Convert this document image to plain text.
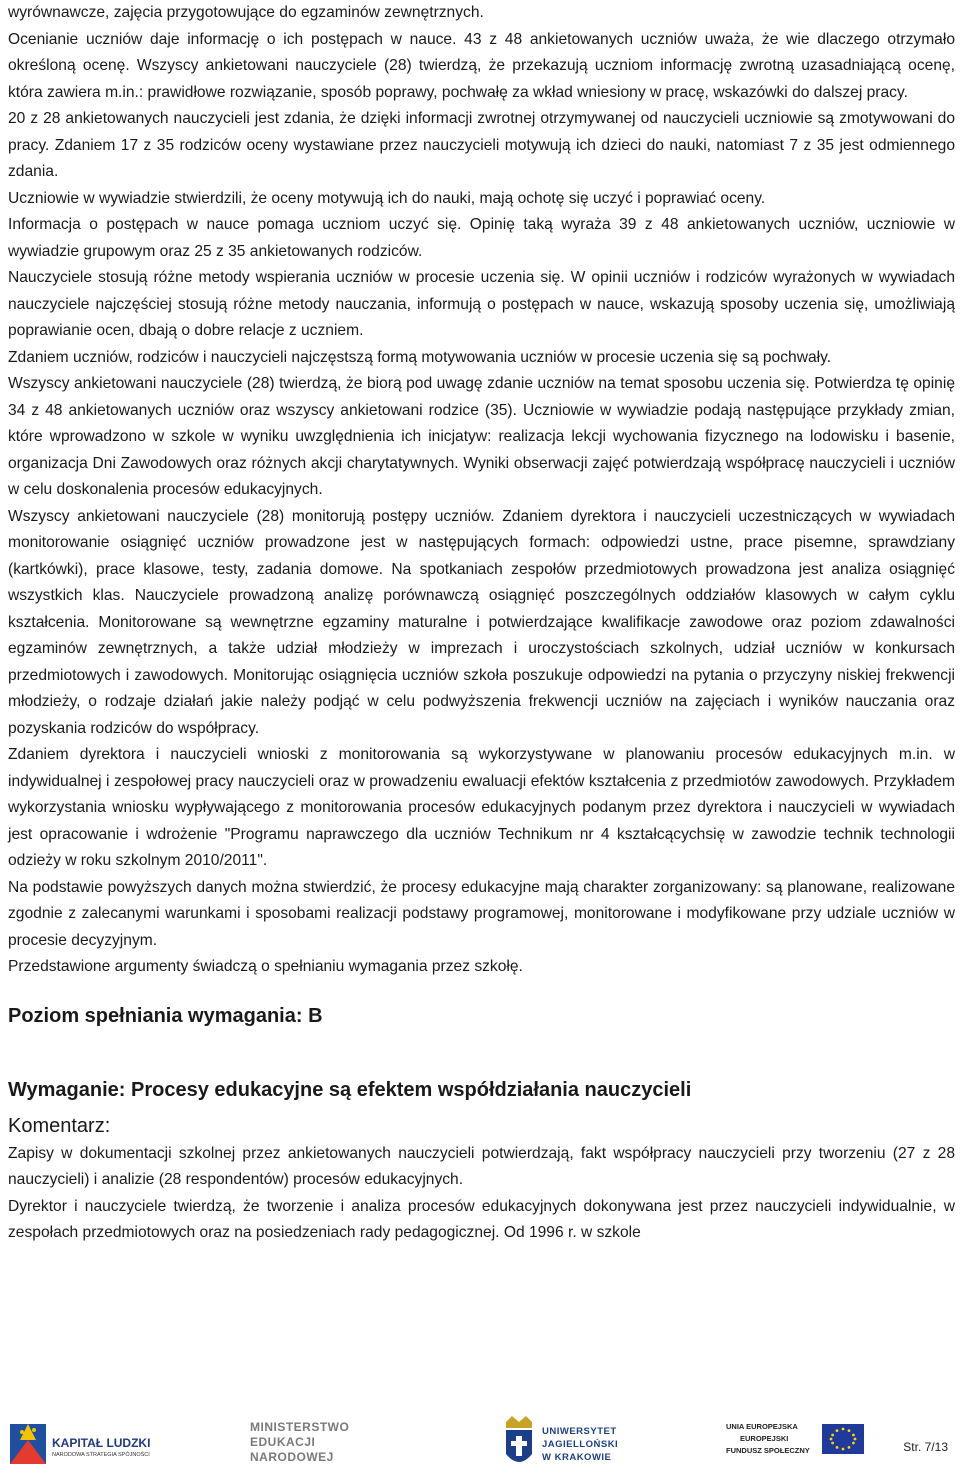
wyrównawcze, zajęcia przygotowujące do egzaminów zewnętrznych.

Ocenianie uczniów daje informację o ich postępach w nauce. 43 z 48 ankietowanych uczniów uważa, że wie dlaczego otrzymało określoną ocenę. Wszyscy ankietowani nauczyciele (28) twierdzą, że przekazują uczniom informację zwrotną uzasadniającą ocenę, która zawiera m.in.: prawidłowe rozwiązanie, sposób poprawy, pochwałę za wkład wniesiony w pracę, wskazówki do dalszej pracy.

20 z 28 ankietowanych nauczycieli jest zdania, że dzięki informacji zwrotnej otrzymywanej od nauczycieli uczniowie są zmotywowani do pracy. Zdaniem 17 z 35 rodziców oceny wystawiane przez nauczycieli motywują ich dzieci do nauki, natomiast 7 z 35 jest odmiennego zdania.

Uczniowie w wywiadzie stwierdzili, że oceny motywują ich do nauki, mają ochotę się uczyć i poprawiać oceny.

Informacja o postępach w nauce pomaga uczniom uczyć się. Opinię taką wyraża 39 z 48 ankietowanych uczniów, uczniowie w wywiadzie grupowym oraz 25 z 35 ankietowanych rodziców.

Nauczyciele stosują różne metody wspierania uczniów w procesie uczenia się. W opinii uczniów i rodziców wyrażonych w wywiadach nauczyciele najczęściej stosują różne metody nauczania, informują o postępach w nauce, wskazują sposoby uczenia się, umożliwiają poprawianie ocen, dbają o dobre relacje z uczniem.

Zdaniem uczniów, rodziców i nauczycieli najczęstszą formą motywowania uczniów w procesie uczenia się są pochwały.

Wszyscy ankietowani nauczyciele (28) twierdzą, że biorą pod uwagę zdanie uczniów na temat sposobu uczenia się. Potwierdza tę opinię 34 z 48 ankietowanych uczniów oraz wszyscy ankietowani rodzice (35). Uczniowie w wywiadzie podają następujące przykłady zmian, które wprowadzono w szkole w wyniku uwzględnienia ich inicjatyw: realizacja lekcji wychowania fizycznego na lodowisku i basenie, organizacja Dni Zawodowych oraz różnych akcji charytatywnych. Wyniki obserwacji zajęć potwierdzają współpracę nauczycieli i uczniów w celu doskonalenia procesów edukacyjnych.

Wszyscy ankietowani nauczyciele (28) monitorują postępy uczniów. Zdaniem dyrektora i nauczycieli uczestniczących w wywiadach monitorowanie osiągnięć uczniów prowadzone jest w następujących formach: odpowiedzi ustne, prace pisemne, sprawdziany (kartkówki), prace klasowe, testy, zadania domowe. Na spotkaniach zespołów przedmiotowych prowadzona jest analiza osiągnięć wszystkich klas. Nauczyciele prowadzoną analizę porównawczą osiągnięć poszczególnych oddziałów klasowych w całym cyklu kształcenia. Monitorowane są wewnętrzne egzaminy maturalne i potwierdzające kwalifikacje zawodowe oraz poziom zdawalności egzaminów zewnętrznych, a także udział młodzieży w imprezach i uroczystościach szkolnych, udział uczniów w konkursach przedmiotowych i zawodowych. Monitorując osiągnięcia uczniów szkoła poszukuje odpowiedzi na pytania o przyczyny niskiej frekwencji młodzieży, o rodzaje działań jakie należy podjąć w celu podwyższenia frekwencji uczniów na zajęciach i wyników nauczania oraz pozyskania rodziców do współpracy.

Zdaniem dyrektora i nauczycieli wnioski z monitorowania są wykorzystywane w planowaniu procesów edukacyjnych m.in. w indywidualnej i zespołowej pracy nauczycieli oraz w prowadzeniu ewaluacji efektów kształcenia z przedmiotów zawodowych. Przykładem wykorzystania wniosku wypływającego z monitorowania procesów edukacyjnych podanym przez dyrektora i nauczycieli w wywiadach jest opracowanie i wdrożenie "Programu naprawczego dla uczniów Technikum nr 4 kształcącychsię w zawodzie technik technologii odzieży w roku szkolnym 2010/2011".

Na podstawie powyższych danych można stwierdzić, że procesy edukacyjne mają charakter zorganizowany: są planowane, realizowane zgodnie z zalecanymi warunkami i sposobami realizacji podstawy programowej, monitorowane i modyfikowane przy udziale uczniów w procesie decyzyjnym.

Przedstawione argumenty świadczą o spełnianiu wymagania przez szkołę.

Poziom spełniania wymagania: B
Wymaganie: Procesy edukacyjne są efektem współdziałania nauczycieli
Komentarz:

Zapisy w dokumentacji szkolnej przez ankietowanych nauczycieli potwierdzają, fakt współpracy nauczycieli przy tworzeniu (27 z 28 nauczycieli) i analizie (28 respondentów) procesów edukacyjnych.

Dyrektor i nauczyciele twierdzą, że tworzenie i analiza procesów edukacyjnych dokonywana jest przez nauczycieli indywidualnie, w zespołach przedmiotowych oraz na posiedzeniach rady pedagogicznej. Od 1996 r. w szkole

KAPITAŁ LUDZKI
NARODOWA STRATEGIA SPÓJNOŚCI
MINISTERSTWO
EDUKACJI
NARODOWEJ
UNIWERSYTET
JAGIELLOŃSKI
W KRAKOWIE
UNIA EUROPEJSKA
EUROPEJSKI
FUNDUSZ SPOŁECZNY	Str. 7/13
